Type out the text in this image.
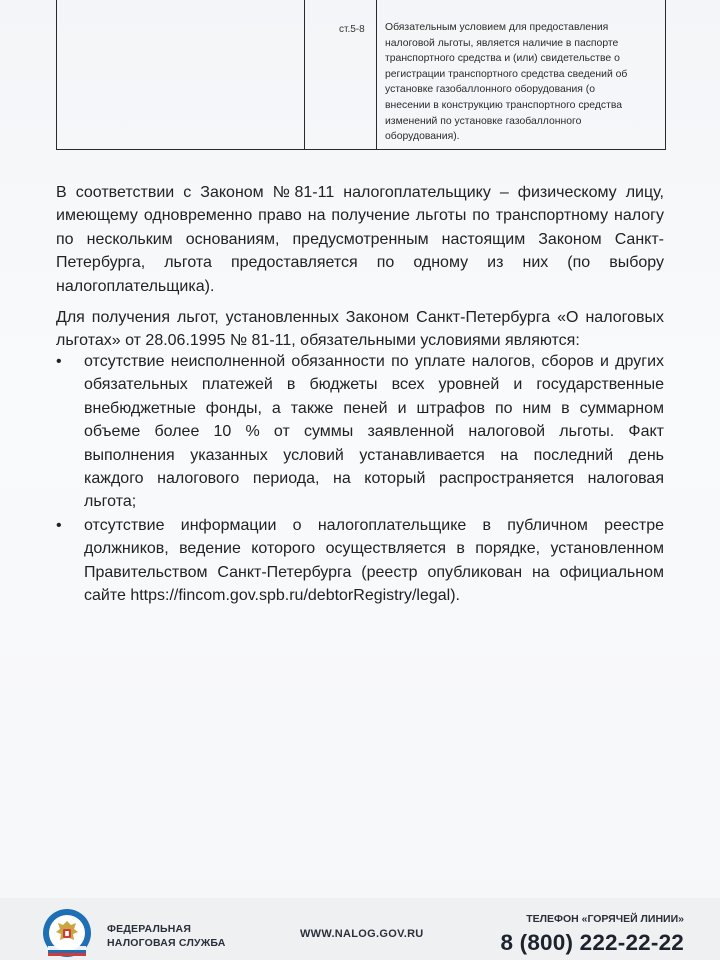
ст.5-8	Обязательным условием для предоставления
налоговой льготы, является наличие в паспорте
транспортного средства и (или) свидетельстве о
регистрации транспортного средства сведений об
установке газобаллонного оборудования (о
внесении в конструкцию транспортного средства
изменений по установке газобаллонного
оборудования).
В соответствии с Законом №81-11 налогоплательщику – физическому лицу,
имеющему одновременно право на получение льготы по транспортному налогу
по нескольким основаниям, предусмотренным настоящим Законом Санкт-
Петербурга, льгота предоставляется по одному из них (по выбору
налогоплательщика).
Для получения льгот, установленных Законом Санкт-Петербурга «О налоговых
льготах» от 28.06.1995 № 81-11, обязательными условиями являются:
• отсутствие неисполненной обязанности по уплате налогов, сборов и других
обязательных платежей в бюджеты всех уровней и государственные
внебюджетные фонды, а также пеней и штрафов по ним в суммарном
объеме более 10 % от суммы заявленной налоговой льготы. Факт
выполнения указанных условий устанавливается на последний день
каждого налогового периода, на который распространяется налоговая
льгота;
• отсутствие информации о налогоплательщике в публичном реестре
должников, ведение которого осуществляется в порядке, установленном
Правительством Санкт-Петербурга (реестр опубликован на официальном
сайте https://fincom.gov.spb.ru/debtorRegistry/legal).
ФЕДЕРАЛЬНАЯ
НАЛОГОВАЯ СЛУЖБА
WWW.NALOG.GOV.RU
ТЕЛЕФОН «ГОРЯЧЕЙ ЛИНИИ»
8 (800) 222-22-22
